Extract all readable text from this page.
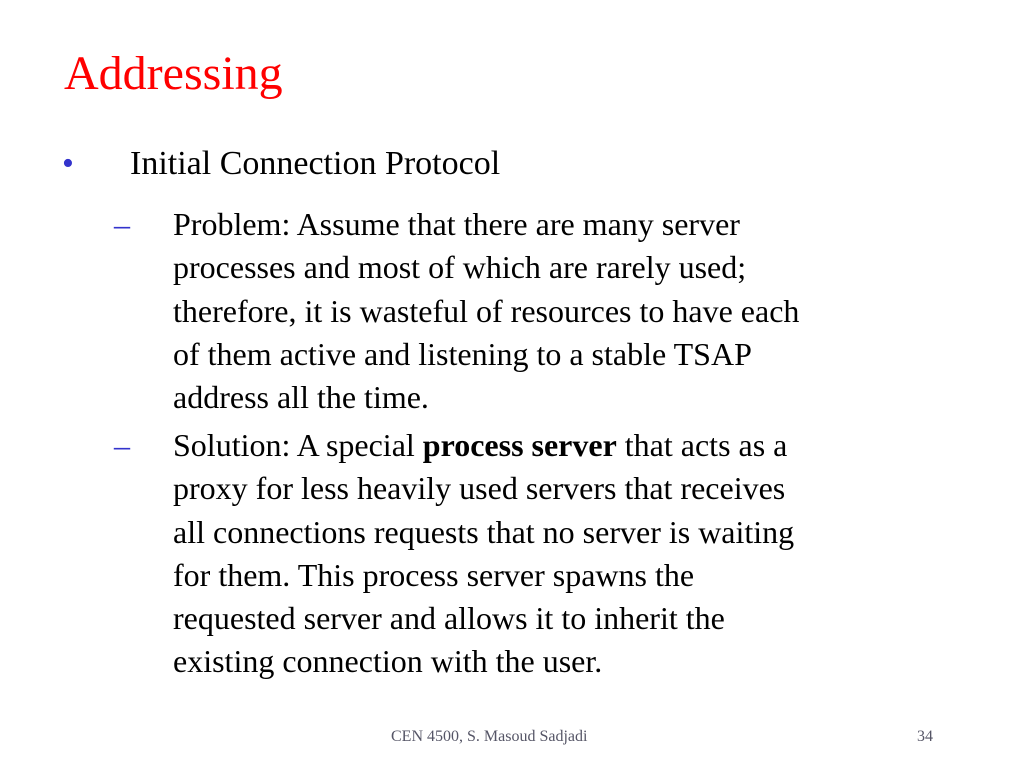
Addressing
• Initial Connection Protocol
– Problem: Assume that there are many server
processes and most of which are rarely used;
therefore, it is wasteful of resources to have each
of them active and listening to a stable TSAP
address all the time.
– Solution: A special process server that acts as a
proxy for less heavily used servers that receives
all connections requests that no server is waiting
for them. This process server spawns the
requested server and allows it to inherit the
existing connection with the user.
CEN 4500, S. Masoud Sadjadi	34
